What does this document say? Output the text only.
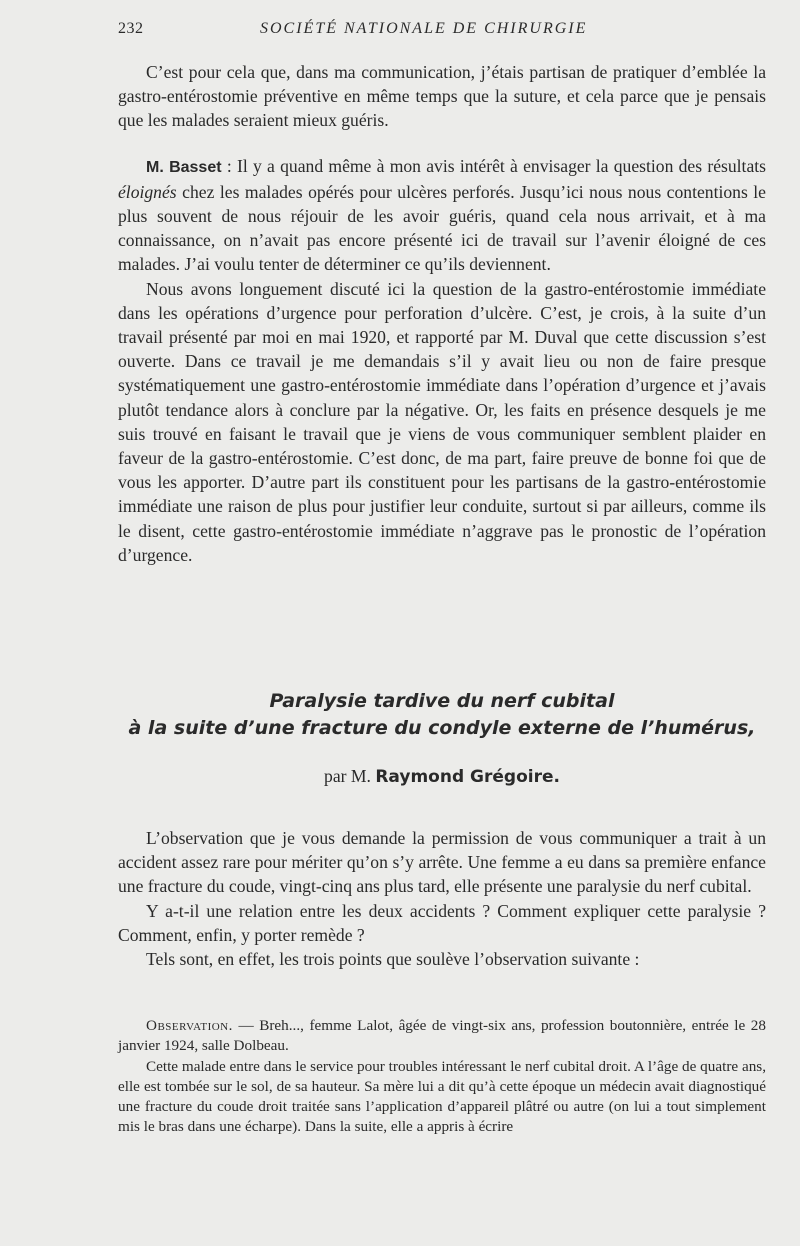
232	SOCIÉTÉ NATIONALE DE CHIRURGIE

C’est pour cela que, dans ma communication, j’étais partisan de pratiquer d’emblée la gastro-entérostomie préventive en même temps que la suture, et cela parce que je pensais que les malades seraient mieux guéris.

M. Basset : Il y a quand même à mon avis intérêt à envisager la question des résultats éloignés chez les malades opérés pour ulcères perforés. Jusqu’ici nous nous contentions le plus souvent de nous réjouir de les avoir guéris, quand cela nous arrivait, et à ma connaissance, on n’avait pas encore présenté ici de travail sur l’avenir éloigné de ces malades. J’ai voulu tenter de déterminer ce qu’ils deviennent.

Nous avons longuement discuté ici la question de la gastro-entérostomie immédiate dans les opérations d’urgence pour perforation d’ulcère. C’est, je crois, à la suite d’un travail présenté par moi en mai 1920, et rapporté par M. Duval que cette discussion s’est ouverte. Dans ce travail je me demandais s’il y avait lieu ou non de faire presque systématiquement une gastro-entérostomie immédiate dans l’opération d’urgence et j’avais plutôt tendance alors à conclure par la négative. Or, les faits en présence desquels je me suis trouvé en faisant le travail que je viens de vous communiquer semblent plaider en faveur de la gastro-entérostomie. C’est donc, de ma part, faire preuve de bonne foi que de vous les apporter. D’autre part ils constituent pour les partisans de la gastro-entérostomie immédiate une raison de plus pour justifier leur conduite, surtout si par ailleurs, comme ils le disent, cette gastro-entérostomie immédiate n’aggrave pas le pronostic de l’opération d’urgence.

Paralysie tardive du nerf cubital
à la suite d’une fracture du condyle externe de l’humérus,
par M. Raymond Grégoire.

L’observation que je vous demande la permission de vous communiquer a trait à un accident assez rare pour mériter qu’on s’y arrête. Une femme a eu dans sa première enfance une fracture du coude, vingt-cinq ans plus tard, elle présente une paralysie du nerf cubital.

Y a-t-il une relation entre les deux accidents ? Comment expliquer cette paralysie ? Comment, enfin, y porter remède ?

Tels sont, en effet, les trois points que soulève l’observation suivante :

Observation. — Breh..., femme Lalot, âgée de vingt-six ans, profession boutonnière, entrée le 28 janvier 1924, salle Dolbeau.

Cette malade entre dans le service pour troubles intéressant le nerf cubital droit. A l’âge de quatre ans, elle est tombée sur le sol, de sa hauteur. Sa mère lui a dit qu’à cette époque un médecin avait diagnostiqué une fracture du coude droit traitée sans l’application d’appareil plâtré ou autre (on lui a tout simplement mis le bras dans une écharpe). Dans la suite, elle a appris à écrire
